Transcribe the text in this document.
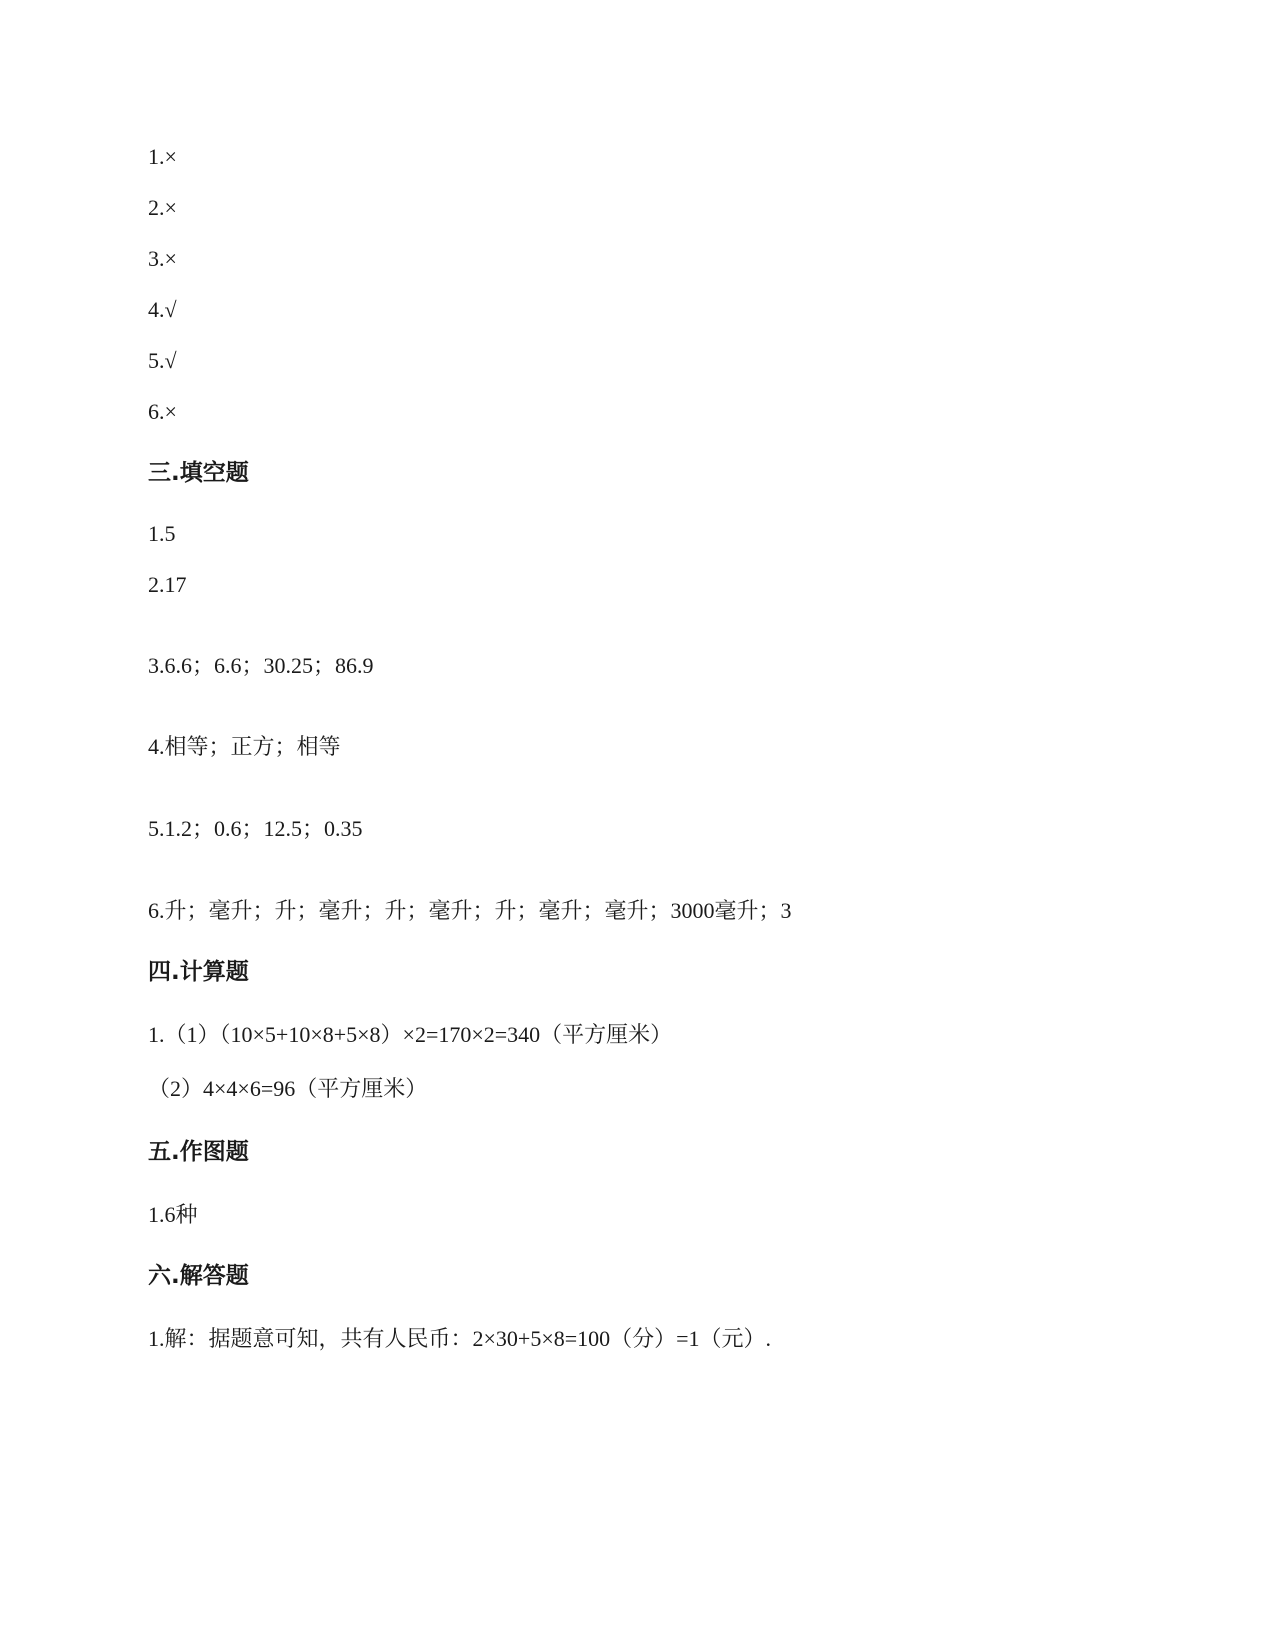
1.×
2.×
3.×
4.√
5.√
6.×
三.填空题
1.5
2.17
3.6.6；6.6；30.25；86.9
4.相等；正方；相等
5.1.2；0.6；12.5；0.35
6.升；毫升；升；毫升；升；毫升；升；毫升；毫升；3000毫升；3
四.计算题
1.（1）（10×5+10×8+5×8）×2=170×2=340（平方厘米）
（2）4×4×6=96（平方厘米）
五.作图题
1.6种
六.解答题
1.解：据题意可知，共有人民币：2×30+5×8=100（分）=1（元）.
